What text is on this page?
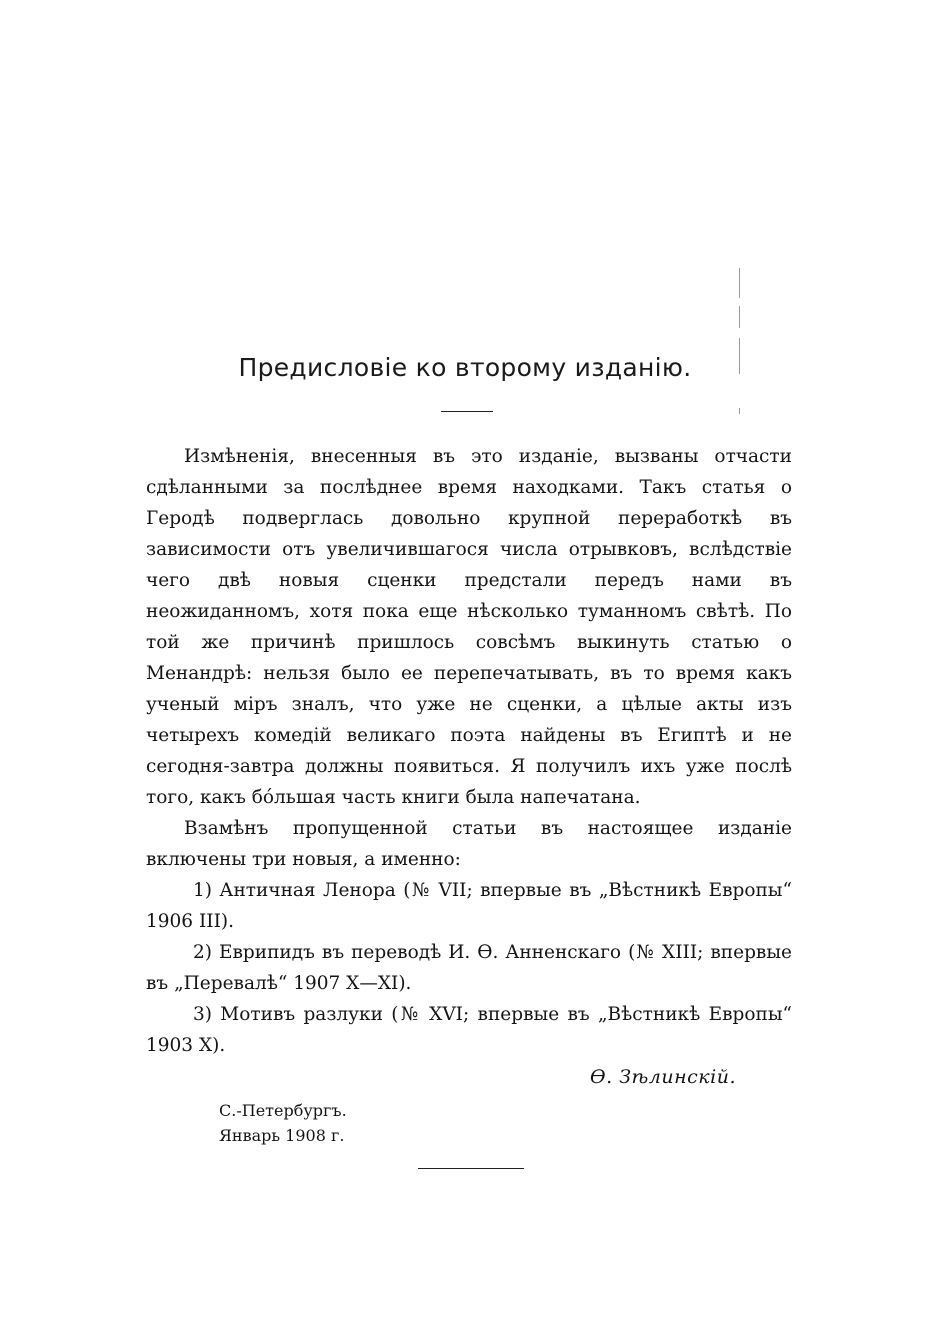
Предисловіе ко второму изданію.

Измѣненія, внесенныя въ это изданіе, вызваны отчасти сдѣланными за послѣднее время находками. Такъ статья о Геродѣ подверглась довольно крупной переработкѣ въ зависимости отъ увеличившагося числа отрывковъ, вслѣдствіе чего двѣ новыя сценки предстали передъ нами въ неожиданномъ, хотя пока еще нѣсколько туманномъ свѣтѣ. По той же причинѣ пришлось совсѣмъ выкинуть статью о Менандрѣ: нельзя было ее перепечатывать, въ то время какъ ученый міръ зналъ, что уже не сценки, а цѣлые акты изъ четырехъ комедій великаго поэта найдены въ Египтѣ и не сегодня-завтра должны появиться. Я получилъ ихъ уже послѣ того, какъ бóльшая часть книги была напечатана.

Взамѣнъ пропущенной статьи въ настоящее изданіе включены три новыя, а именно:

1) Античная Ленора (№ VII; впервые въ „Вѣстникѣ Европы“ 1906 III).

2) Еврипидъ въ переводѣ И. Ѳ. Анненскаго (№ XIII; впервые въ „Перевалѣ“ 1907 X—XI).

3) Мотивъ разлуки (№ XVI; впервые въ „Вѣстникѣ Европы“ 1903 X).

Ѳ. Зѣлинскій.
С.-Петербургъ.
Январь 1908 г.
